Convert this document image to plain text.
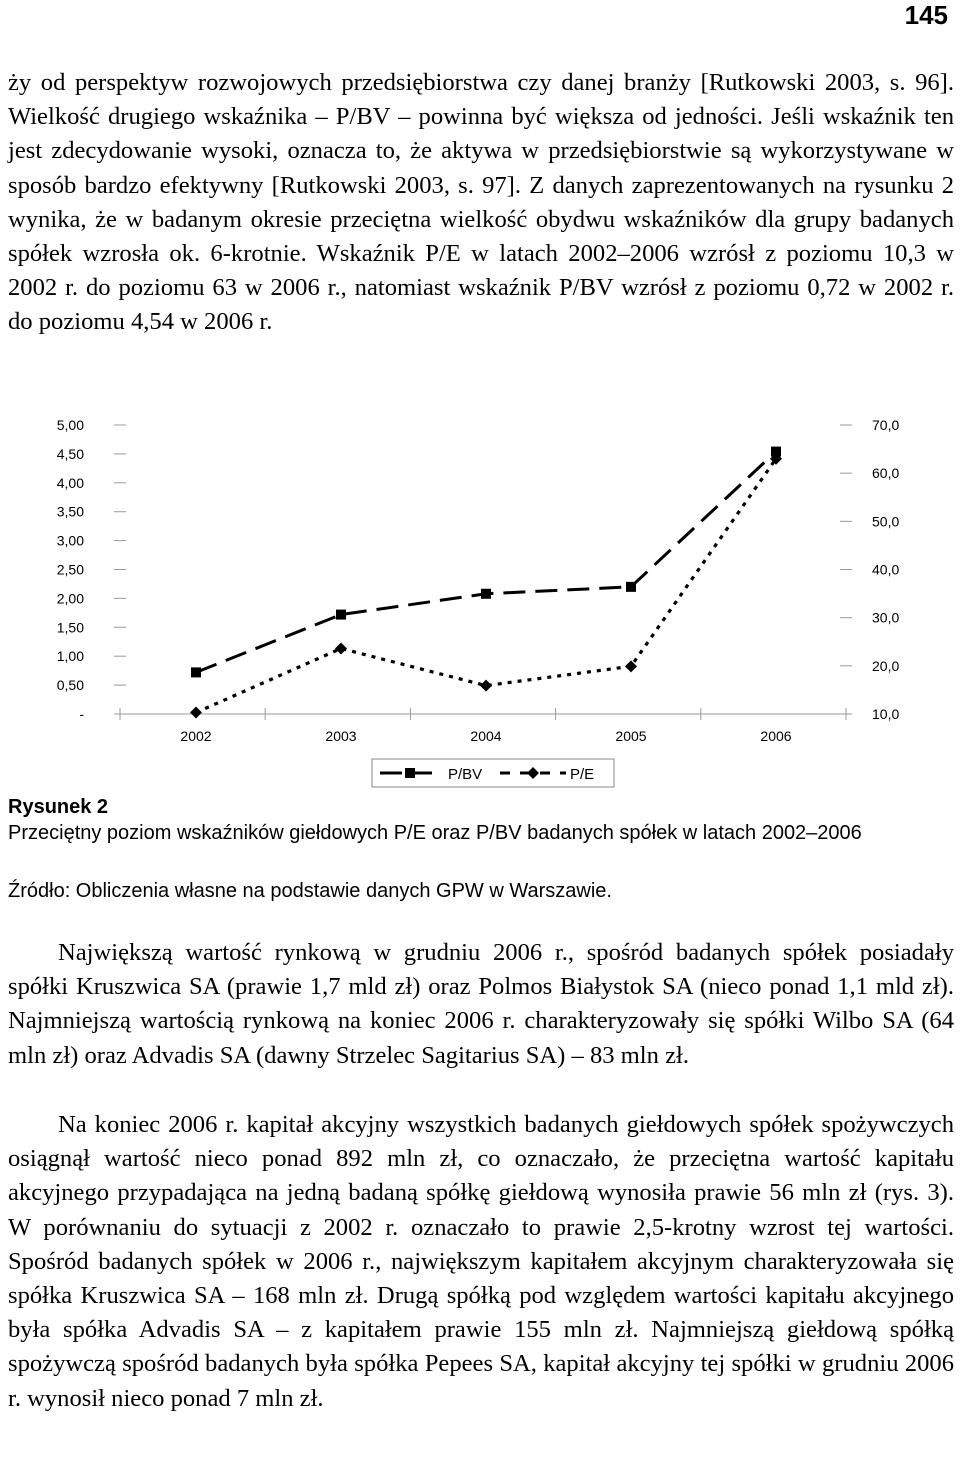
145

ży od perspektyw rozwojowych przedsiębiorstwa czy danej branży [Rutkowski 2003, s. 96]. Wielkość drugiego wskaźnika – P/BV – powinna być większa od jedności. Jeśli wskaźnik ten jest zdecydowanie wysoki, oznacza to, że aktywa w przedsiębiorstwie są wykorzystywane w sposób bardzo efektywny [Rutkowski 2003, s. 97]. Z danych zaprezentowanych na rysunku 2 wynika, że w badanym okresie przeciętna wielkość obydwu wskaźników dla grupy badanych spółek wzrosła ok. 6-krotnie. Wskaźnik P/E w latach 2002–2006 wzrósł z poziomu 10,3 w 2002 r. do poziomu 63 w 2006 r., natomiast wskaźnik P/BV wzrósł z poziomu 0,72 w 2002 r. do poziomu 4,54 w 2006 r.

-
0,50
1,00
1,50
2,00
2,50
3,00
3,50
4,00
4,50
5,00
10,0
20,0
30,0
40,0
50,0
60,0
70,0
2002	2003	2004	2005	2006
P/BV	P/E
Rysunek 2
Przeciętny poziom wskaźników giełdowych P/E oraz P/BV badanych spółek w latach 2002–2006
Źródło: Obliczenia własne na podstawie danych GPW w Warszawie.

Największą wartość rynkową w grudniu 2006 r., spośród badanych spółek posiadały spółki Kruszwica SA (prawie 1,7 mld zł) oraz Polmos Białystok SA (nieco ponad 1,1 mld zł). Najmniejszą wartością rynkową na koniec 2006 r. charakteryzowały się spółki Wilbo SA (64 mln zł) oraz Advadis SA (dawny Strzelec Sagitarius SA) – 83 mln zł.

Na koniec 2006 r. kapitał akcyjny wszystkich badanych giełdowych spółek spożywczych osiągnął wartość nieco ponad 892 mln zł, co oznaczało, że przeciętna wartość kapitału akcyjnego przypadająca na jedną badaną spółkę giełdową wynosiła prawie 56 mln zł (rys. 3). W porównaniu do sytuacji z 2002 r. oznaczało to prawie 2,5-krotny wzrost tej wartości. Spośród badanych spółek w 2006 r., największym kapitałem akcyjnym charakteryzowała się spółka Kruszwica SA – 168 mln zł. Drugą spółką pod względem wartości kapitału akcyjnego była spółka Advadis SA – z kapitałem prawie 155 mln zł. Najmniejszą giełdową spółką spożywczą spośród badanych była spółka Pepees SA, kapitał akcyjny tej spółki w grudniu 2006 r. wynosił nieco ponad 7 mln zł.
